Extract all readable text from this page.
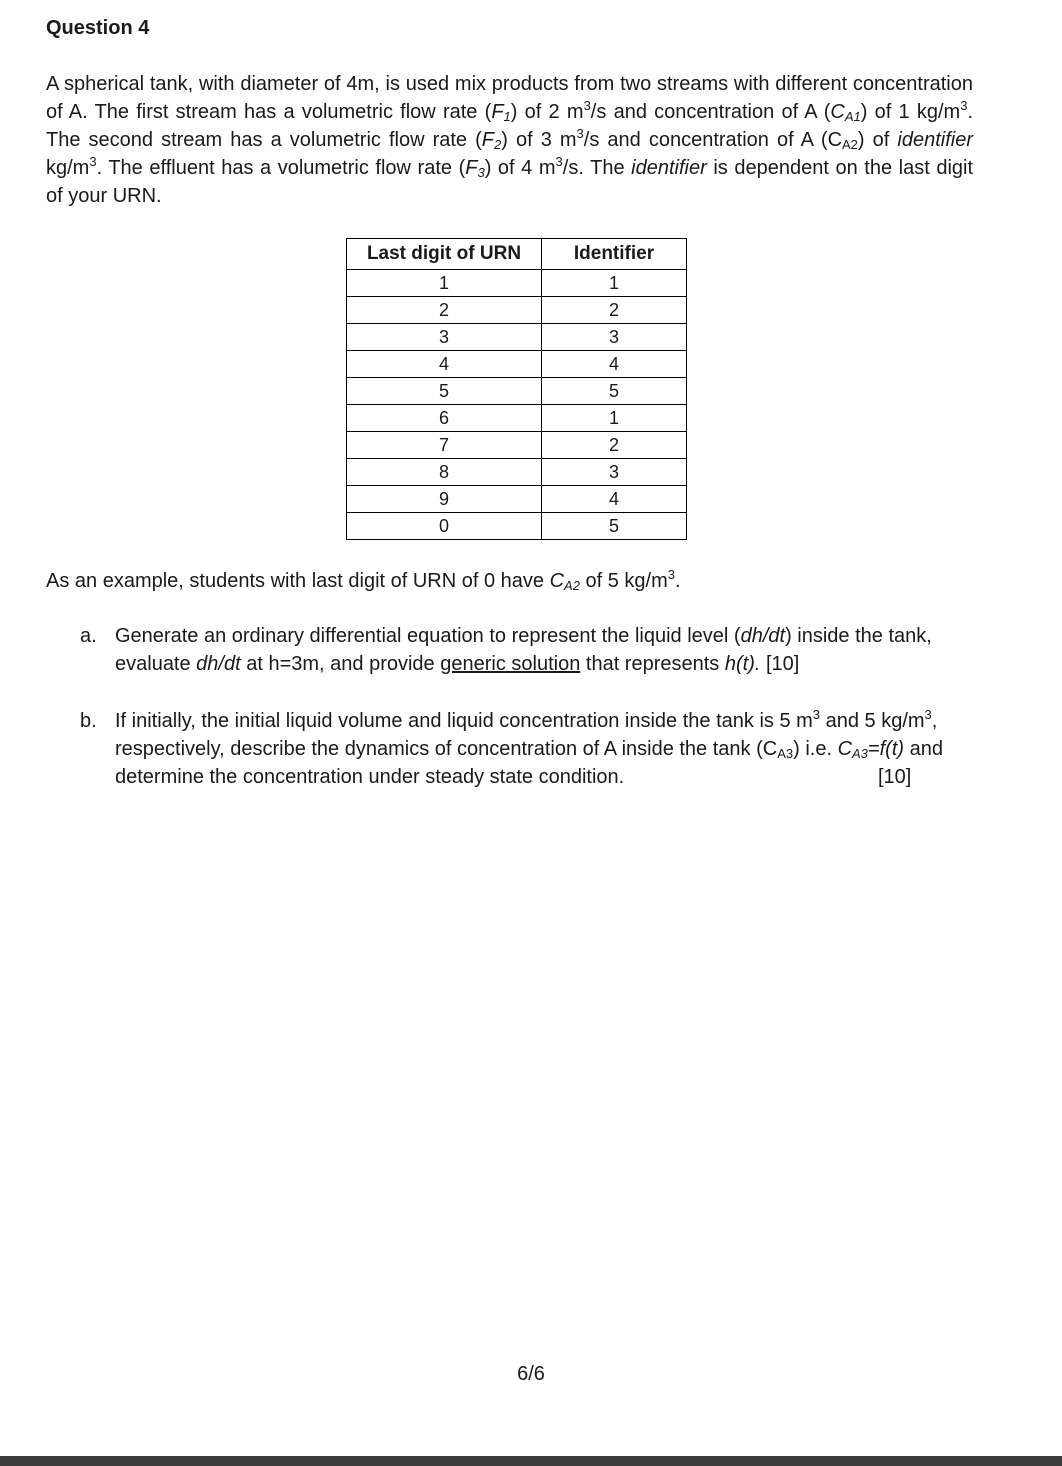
Question 4
A spherical tank, with diameter of 4m, is used mix products from two streams with different concentration of A. The first stream has a volumetric flow rate $(F_1)$ of 2 $m^3/s$ and concentration of A $(C_{A1})$ of 1 $kg/m^3$. The second stream has a volumetric flow rate $(F_2)$ of 3 $m^3/s$ and concentration of A $(C_{A2})$ of identifier $kg/m^3$. The effluent has a volumetric flow rate $(F_3)$ of 4 $m^3/s$. The identifier is dependent on the last digit of your URN.
Last digit of URN	Identifier
1	1
2	2
3	3
4	4
5	5
6	1
7	2
8	3
9	4
0	5
As an example, students with last digit of URN of 0 have $C_{A2}$ of 5 $kg/m^3$.
a. Generate an ordinary differential equation to represent the liquid level (dh/dt) inside the tank, evaluate dh/dt at h=3m, and provide generic solution that represents h(t). [10]
b. If initially, the initial liquid volume and liquid concentration inside the tank is 5 $m^3$ and 5 $kg/m^3$, respectively, describe the dynamics of concentration of A inside the tank $(C_{A3})$ i.e. $C_{A3}=f(t)$ and determine the concentration under steady state condition.	[10]
6/6
